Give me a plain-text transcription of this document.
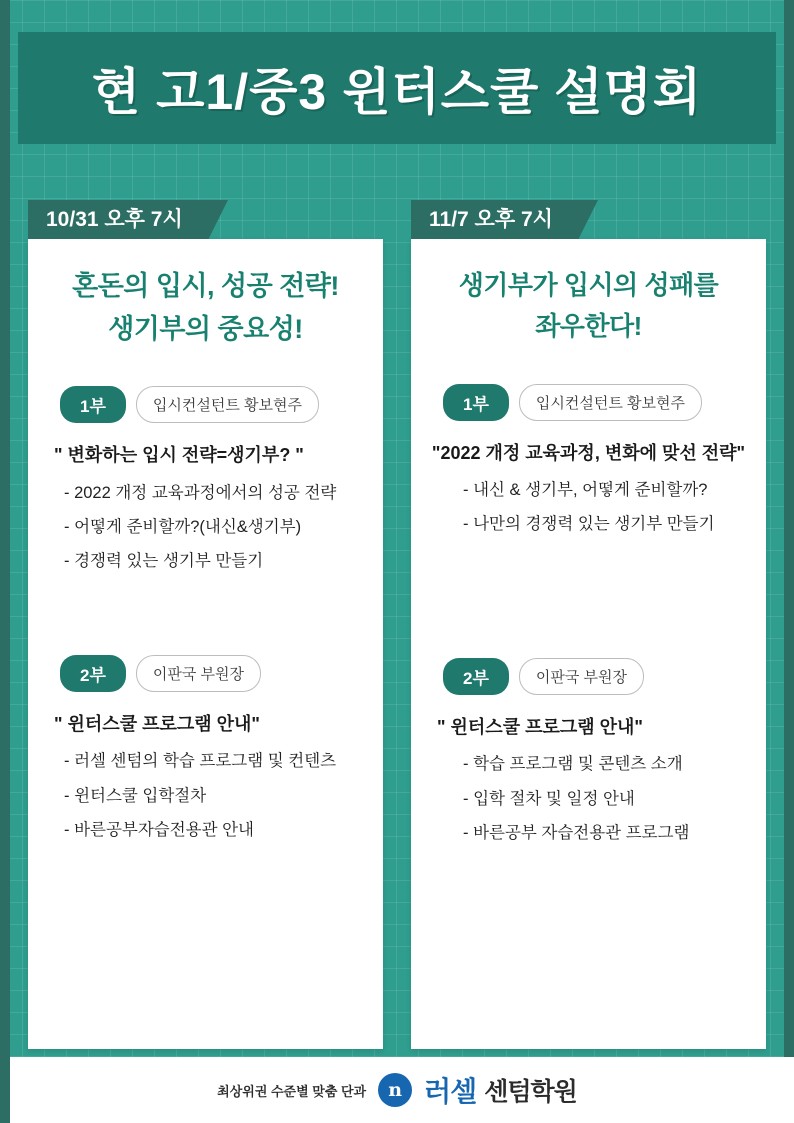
현 고1/중3 윈터스쿨 설명회
10/31 오후 7시
혼돈의 입시, 성공 전략!
생기부의 중요성!
1부	입시컨설턴트 황보현주
" 변화하는 입시 전략=생기부? "
- 2022 개정 교육과정에서의 성공 전략
- 어떻게 준비할까?(내신&생기부)
- 경쟁력 있는 생기부 만들기
2부	이판국 부원장
" 윈터스쿨 프로그램 안내"
- 러셀 센텀의 학습 프로그램 및 컨텐츠
- 윈터스쿨 입학절차
- 바른공부자습전용관 안내
11/7 오후 7시
생기부가 입시의 성패를
좌우한다!
1부	입시컨설턴트 황보현주
"2022 개정 교육과정, 변화에 맞선 전략"
- 내신 & 생기부, 어떻게 준비할까?
- 나만의 경쟁력 있는 생기부 만들기
2부	이판국 부원장
" 윈터스쿨 프로그램 안내"
- 학습 프로그램 및 콘텐츠 소개
- 입학 절차 및 일정 안내
- 바른공부 자습전용관 프로그램
최상위권 수준별 맞춤 단과	n 러셀 센텀학원
